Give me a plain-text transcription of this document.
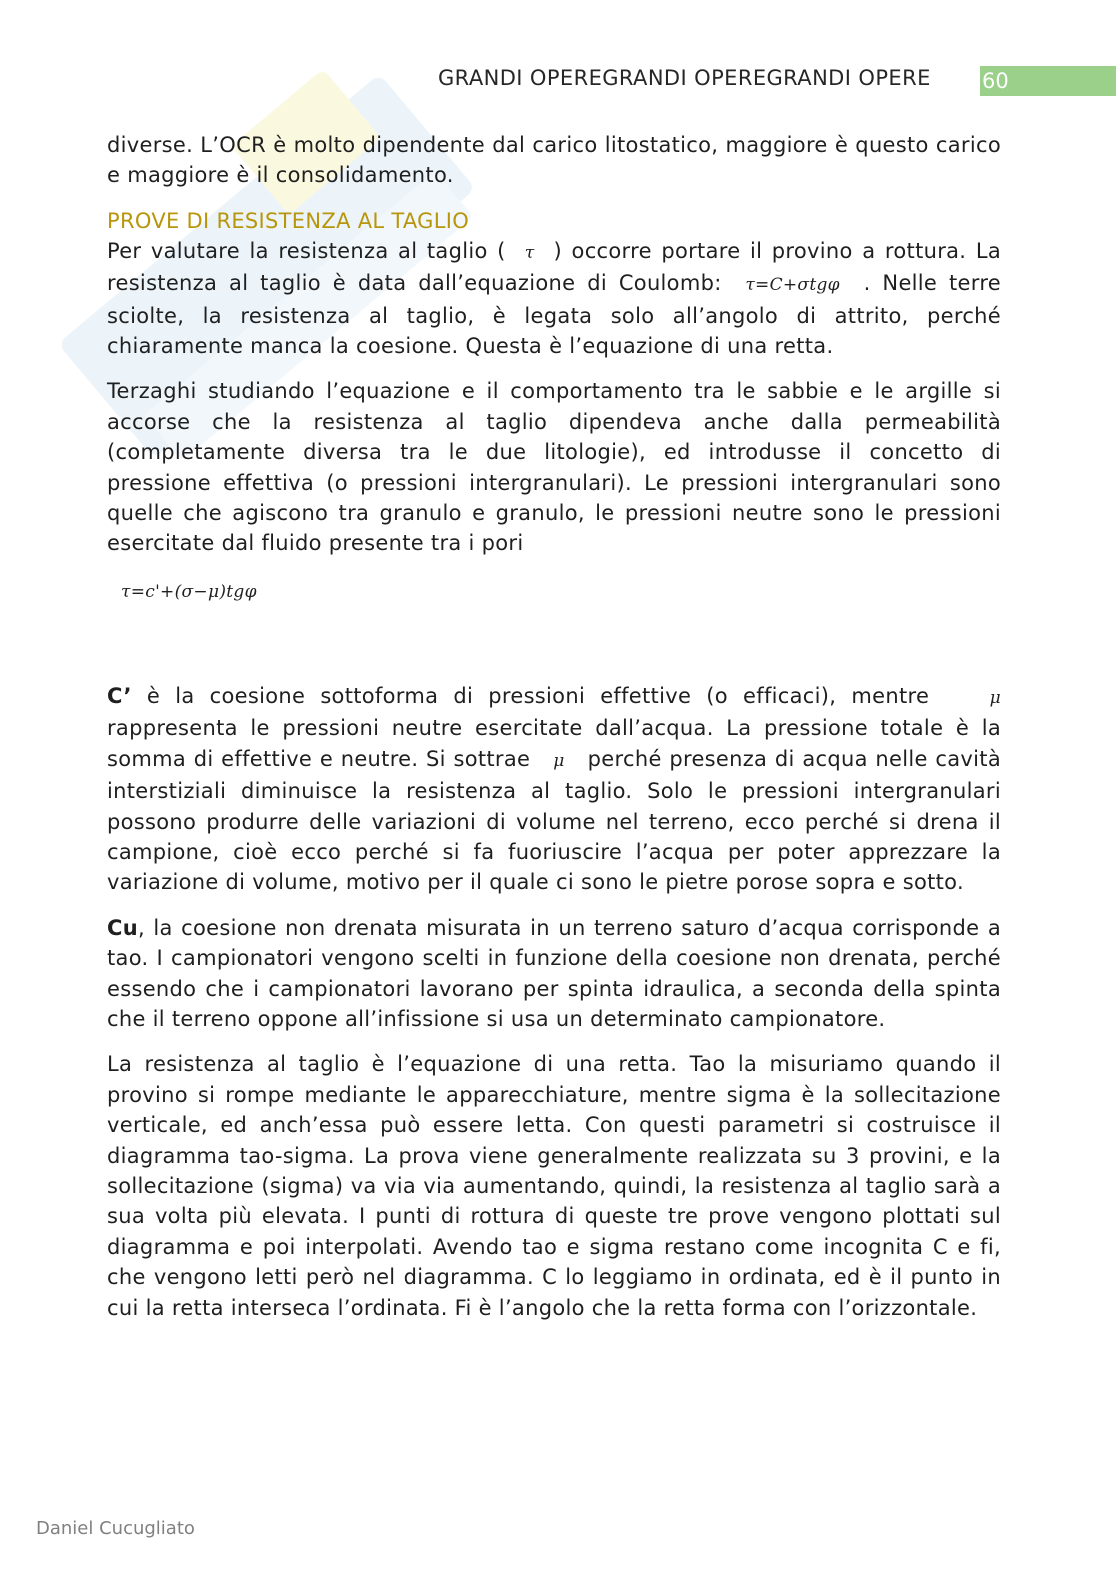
GRANDI OPEREGRANDI OPEREGRANDI OPERE	60

diverse. L’OCR è molto dipendente dal carico litostatico, maggiore è questo carico e maggiore è il consolidamento.

PROVE DI RESISTENZA AL TAGLIO

Per valutare la resistenza al taglio ( τ ) occorre portare il provino a rottura. La resistenza al taglio è data dall’equazione di Coulomb: τ=C+σtgφ . Nelle terre sciolte, la resistenza al taglio, è legata solo all’angolo di attrito, perché chiaramente manca la coesione. Questa è l’equazione di una retta.

Terzaghi studiando l’equazione e il comportamento tra le sabbie e le argille si accorse che la resistenza al taglio dipendeva anche dalla permeabilità (completamente diversa tra le due litologie), ed introdusse il concetto di pressione effettiva (o pressioni intergranulari). Le pressioni intergranulari sono quelle che agiscono tra granulo e granulo, le pressioni neutre sono le pressioni esercitate dal fluido presente tra i pori

τ=c'+(σ−μ)tgφ

C’ è la coesione sottoforma di pressioni effettive (o efficaci), mentre	μ rappresenta le pressioni neutre esercitate dall’acqua. La pressione totale è la somma di effettive e neutre. Si sottrae μ perché presenza di acqua nelle cavità interstiziali diminuisce la resistenza al taglio. Solo le pressioni intergranulari possono produrre delle variazioni di volume nel terreno, ecco perché si drena il campione, cioè ecco perché si fa fuoriuscire l’acqua per poter apprezzare la variazione di volume, motivo per il quale ci sono le pietre porose sopra e sotto.

Cu, la coesione non drenata misurata in un terreno saturo d’acqua corrisponde a tao. I campionatori vengono scelti in funzione della coesione non drenata, perché essendo che i campionatori lavorano per spinta idraulica, a seconda della spinta che il terreno oppone all’infissione si usa un determinato campionatore.

La resistenza al taglio è l’equazione di una retta. Tao la misuriamo quando il provino si rompe mediante le apparecchiature, mentre sigma è la sollecitazione verticale, ed anch’essa può essere letta. Con questi parametri si costruisce il diagramma tao-sigma. La prova viene generalmente realizzata su 3 provini, e la sollecitazione (sigma) va via via aumentando, quindi, la resistenza al taglio sarà a sua volta più elevata. I punti di rottura di queste tre prove vengono plottati sul diagramma e poi interpolati. Avendo tao e sigma restano come incognita C e fi, che vengono letti però nel diagramma. C lo leggiamo in ordinata, ed è il punto in cui la retta interseca l’ordinata. Fi è l’angolo che la retta forma con l’orizzontale.

Daniel Cucugliato
